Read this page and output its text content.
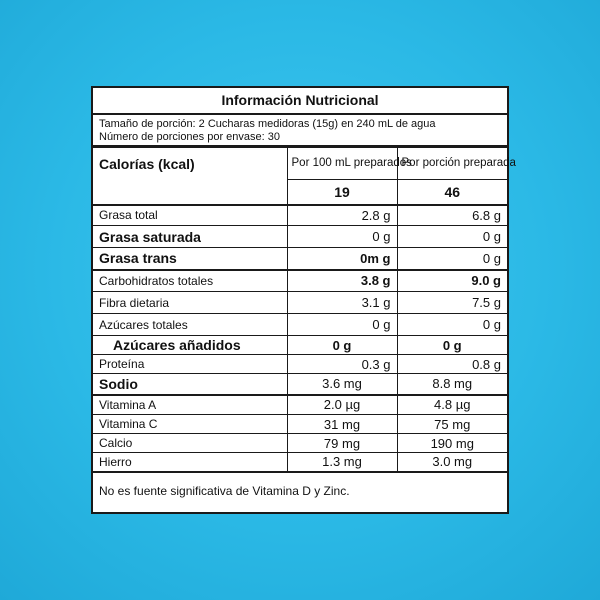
Información Nutricional
Tamaño de porción: 2 Cucharas medidoras (15g) en 240 mL de agua
Número de porciones por envase: 30
Calorías (kcal)	Por 100 mL preparados	Por porción preparada
	19	46
Grasa total	2.8 g	6.8 g
Grasa saturada	0 g	0 g
Grasa trans	0m g	0 g
Carbohidratos totales	3.8 g	9.0 g
Fibra dietaria	3.1 g	7.5 g
Azúcares totales	0 g	0 g
Azúcares añadidos	0 g	0 g
Proteína	0.3 g	0.8 g
Sodio	3.6 mg	8.8 mg
Vitamina A	2.0 µg	4.8 µg
Vitamina C	31 mg	75 mg
Calcio	79 mg	190 mg
Hierro	1.3 mg	3.0 mg
No es fuente significativa de Vitamina D y Zinc.		
